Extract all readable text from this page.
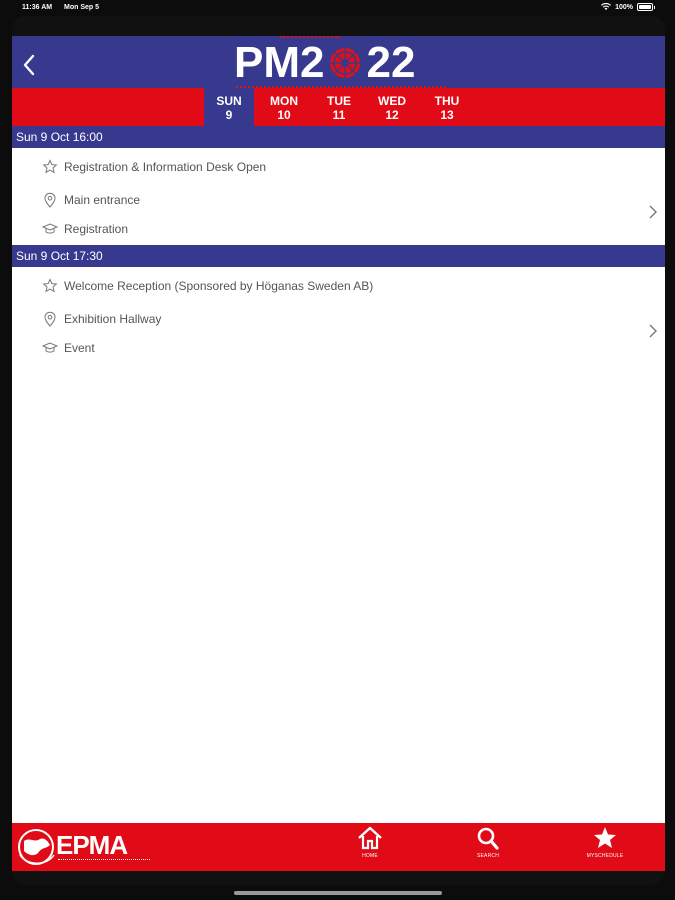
11:36 AM Mon Sep 5	100%
PM2 22
SUN
9
MON
10
TUE
11
WED
12
THU
13
Sun 9 Oct 16:00
Registration & Information Desk Open
Main entrance
Registration
Sun 9 Oct 17:30
Welcome Reception (Sponsored by Höganas Sweden AB)
Exhibition Hallway
Event
EPMA	HOME	SEARCH	MYSCHEDULE
